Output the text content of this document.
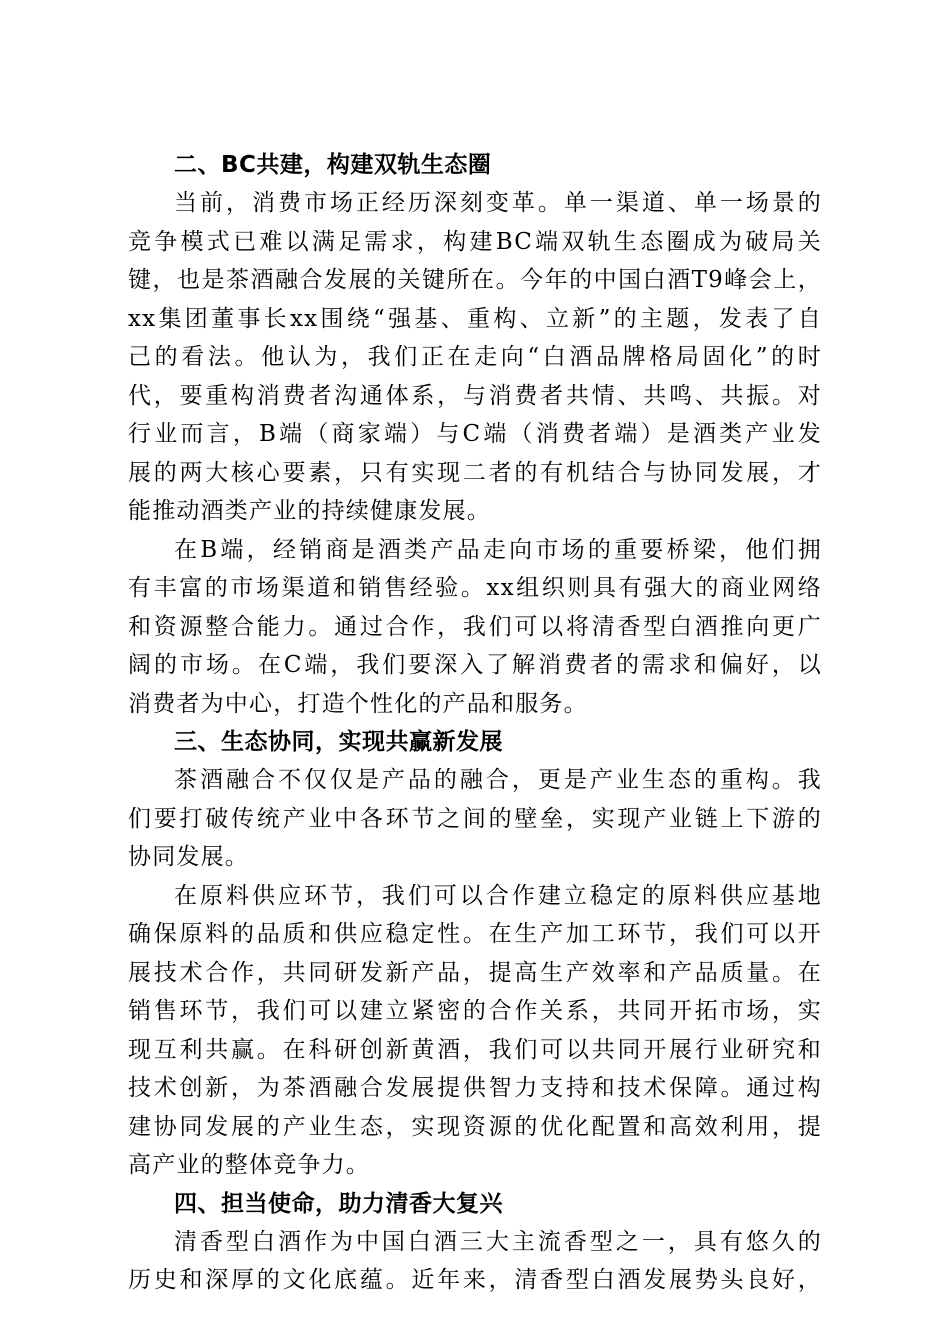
二、BC共建，构建双轨生态圈
当前，消费市场正经历深刻变革。单一渠道、单一场景的
竞争模式已难以满足需求，构建BC端双轨生态圈成为破局关
键，也是茶酒融合发展的关键所在。今年的中国白酒T9峰会上，
xx集团董事长xx围绕“强基、重构、立新”的主题，发表了自
己的看法。他认为，我们正在走向“白酒品牌格局固化”的时
代，要重构消费者沟通体系，与消费者共情、共鸣、共振。对
行业而言，B端（商家端）与C端（消费者端）是酒类产业发
展的两大核心要素，只有实现二者的有机结合与协同发展，才
能推动酒类产业的持续健康发展。
在B端，经销商是酒类产品走向市场的重要桥梁，他们拥
有丰富的市场渠道和销售经验。xx组织则具有强大的商业网络
和资源整合能力。通过合作，我们可以将清香型白酒推向更广
阔的市场。在C端，我们要深入了解消费者的需求和偏好，以
消费者为中心，打造个性化的产品和服务。
三、生态协同，实现共赢新发展
茶酒融合不仅仅是产品的融合，更是产业生态的重构。我
们要打破传统产业中各环节之间的壁垒，实现产业链上下游的
协同发展。
在原料供应环节，我们可以合作建立稳定的原料供应基地
确保原料的品质和供应稳定性。在生产加工环节，我们可以开
展技术合作，共同研发新产品，提高生产效率和产品质量。在
销售环节，我们可以建立紧密的合作关系，共同开拓市场，实
现互利共赢。在科研创新黄酒，我们可以共同开展行业研究和
技术创新，为茶酒融合发展提供智力支持和技术保障。通过构
建协同发展的产业生态，实现资源的优化配置和高效利用，提
高产业的整体竞争力。
四、担当使命，助力清香大复兴
清香型白酒作为中国白酒三大主流香型之一，具有悠久的
历史和深厚的文化底蕴。近年来，清香型白酒发展势头良好，
